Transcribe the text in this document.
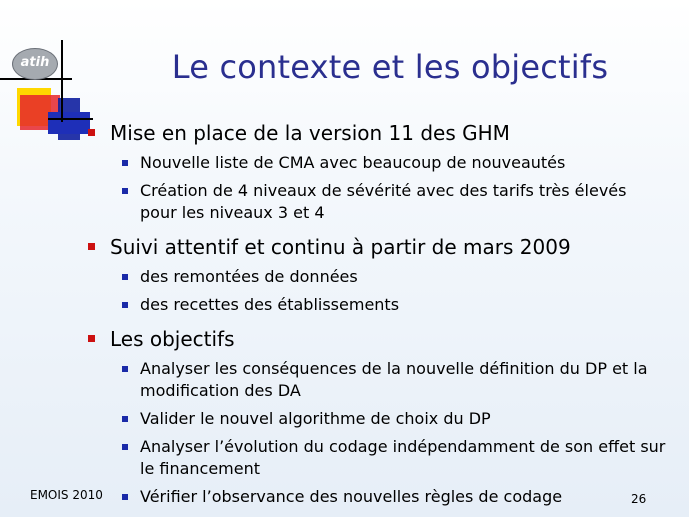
atih	Le contexte et les objectifs
Mise en place de la version 11 des GHM
Nouvelle liste de CMA avec beaucoup de nouveautés
Création de 4 niveaux de sévérité avec des tarifs très élevés pour les niveaux 3 et 4
Suivi attentif et continu à partir de mars 2009
des remontées de données
des recettes des établissements
Les objectifs
Analyser les conséquences de la nouvelle définition du DP et la modification des DA
Valider le nouvel algorithme de choix du DP
Analyser l’évolution du codage indépendamment de son effet sur le financement
Vérifier l’observance des nouvelles règles de codage
EMOIS 2010	26
